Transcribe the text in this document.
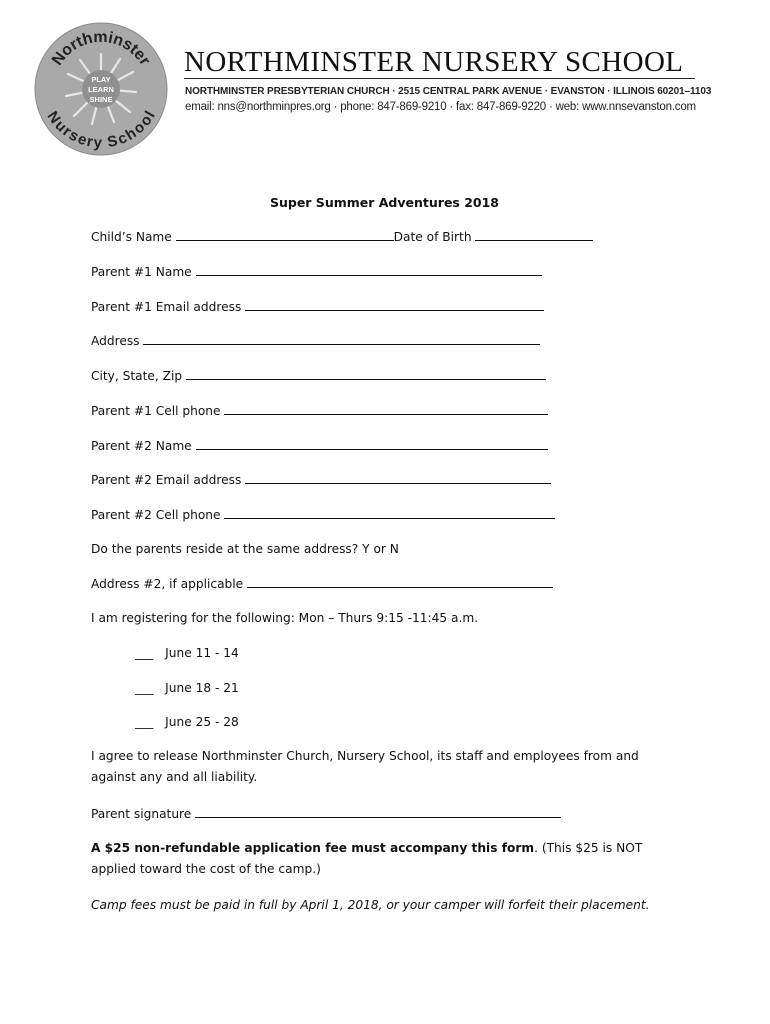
PLAY
LEARN
SHINE
Northminster
Nursery School
NORTHMINSTER NURSERY SCHOOL
NORTHMINSTER PRESBYTERIAN CHURCH · 2515 CENTRAL PARK AVENUE · EVANSTON · ILLINOIS 60201–1103
email: nns@northminpres.org · phone: 847-869-9210 · fax: 847-869-9220 · web: www.nnsevanston.com
Super Summer Adventures 2018
Child’s Name	Date of Birth
Parent #1 Name
Parent #1 Email address
Address
City, State, Zip
Parent #1 Cell phone
Parent #2 Name
Parent #2 Email address
Parent #2 Cell phone
Do the parents reside at the same address? Y or N
Address #2, if applicable
I am registering for the following: Mon – Thurs 9:15 -11:45 a.m.
___ June 11 - 14
___ June 18 - 21
___ June 25 - 28
I agree to release Northminster Church, Nursery School, its staff and employees from and against any and all liability.
Parent signature
A $25 non-refundable application fee must accompany this form. (This $25 is NOT applied toward the cost of the camp.)
Camp fees must be paid in full by April 1, 2018, or your camper will forfeit their placement.
